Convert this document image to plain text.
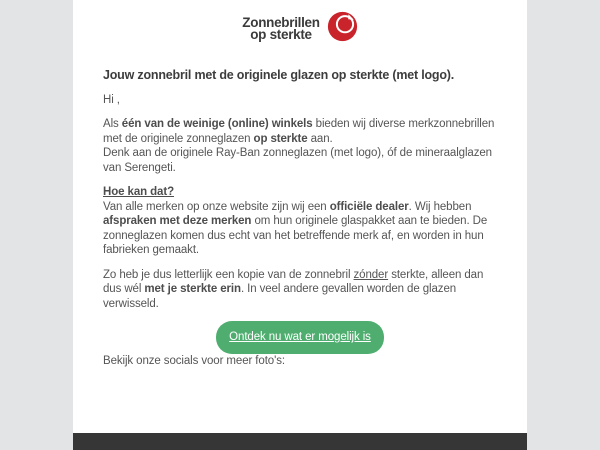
Zonnebrillen
op sterkte
Jouw zonnebril met de originele glazen op sterkte (met logo).

Hi ,

Als één van de weinige (online) winkels bieden wij diverse merkzonnebrillen met de originele zonneglazen op sterkte aan.
Denk aan de originele Ray-Ban zonneglazen (met logo), óf de mineraalglazen van Serengeti.

Hoe kan dat?
Van alle merken op onze website zijn wij een officiële dealer. Wij hebben afspraken met deze merken om hun originele glaspakket aan te bieden. De zonneglazen komen dus echt van het betreffende merk af, en worden in hun fabrieken gemaakt.

Zo heb je dus letterlijk een kopie van de zonnebril zónder sterkte, alleen dan dus wél met je sterkte erin. In veel andere gevallen worden de glazen verwisseld.

Ontdek nu wat er mogelijk is

Bekijk onze socials voor meer foto's:
